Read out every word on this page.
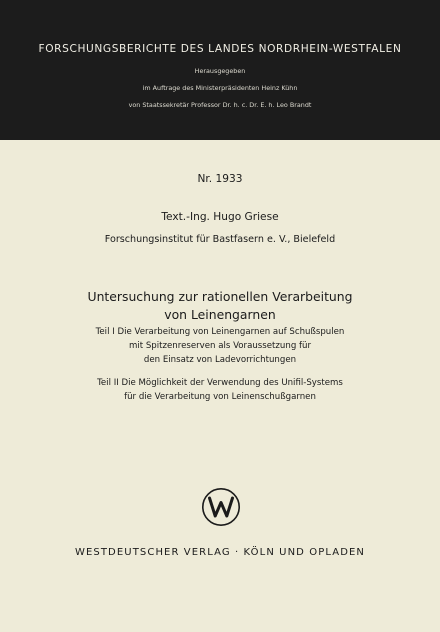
FORSCHUNGSBERICHTE DES LANDES NORDRHEIN-WESTFALEN
Herausgegeben
im Auftrage des Ministerpräsidenten Heinz Kühn
von Staatssekretär Professor Dr. h. c. Dr. E. h. Leo Brandt
Nr. 1933
Text.-Ing. Hugo Griese
Forschungsinstitut für Bastfasern e. V., Bielefeld
Untersuchung zur rationellen Verarbeitung
von Leinengarnen
Teil I Die Verarbeitung von Leinengarnen auf Schußspulen
mit Spitzenreserven als Voraussetzung für
den Einsatz von Ladevorrichtungen
Teil II Die Möglichkeit der Verwendung des Unifil-Systems
für die Verarbeitung von Leinenschußgarnen
WESTDEUTSCHER VERLAG · KÖLN UND OPLADEN
